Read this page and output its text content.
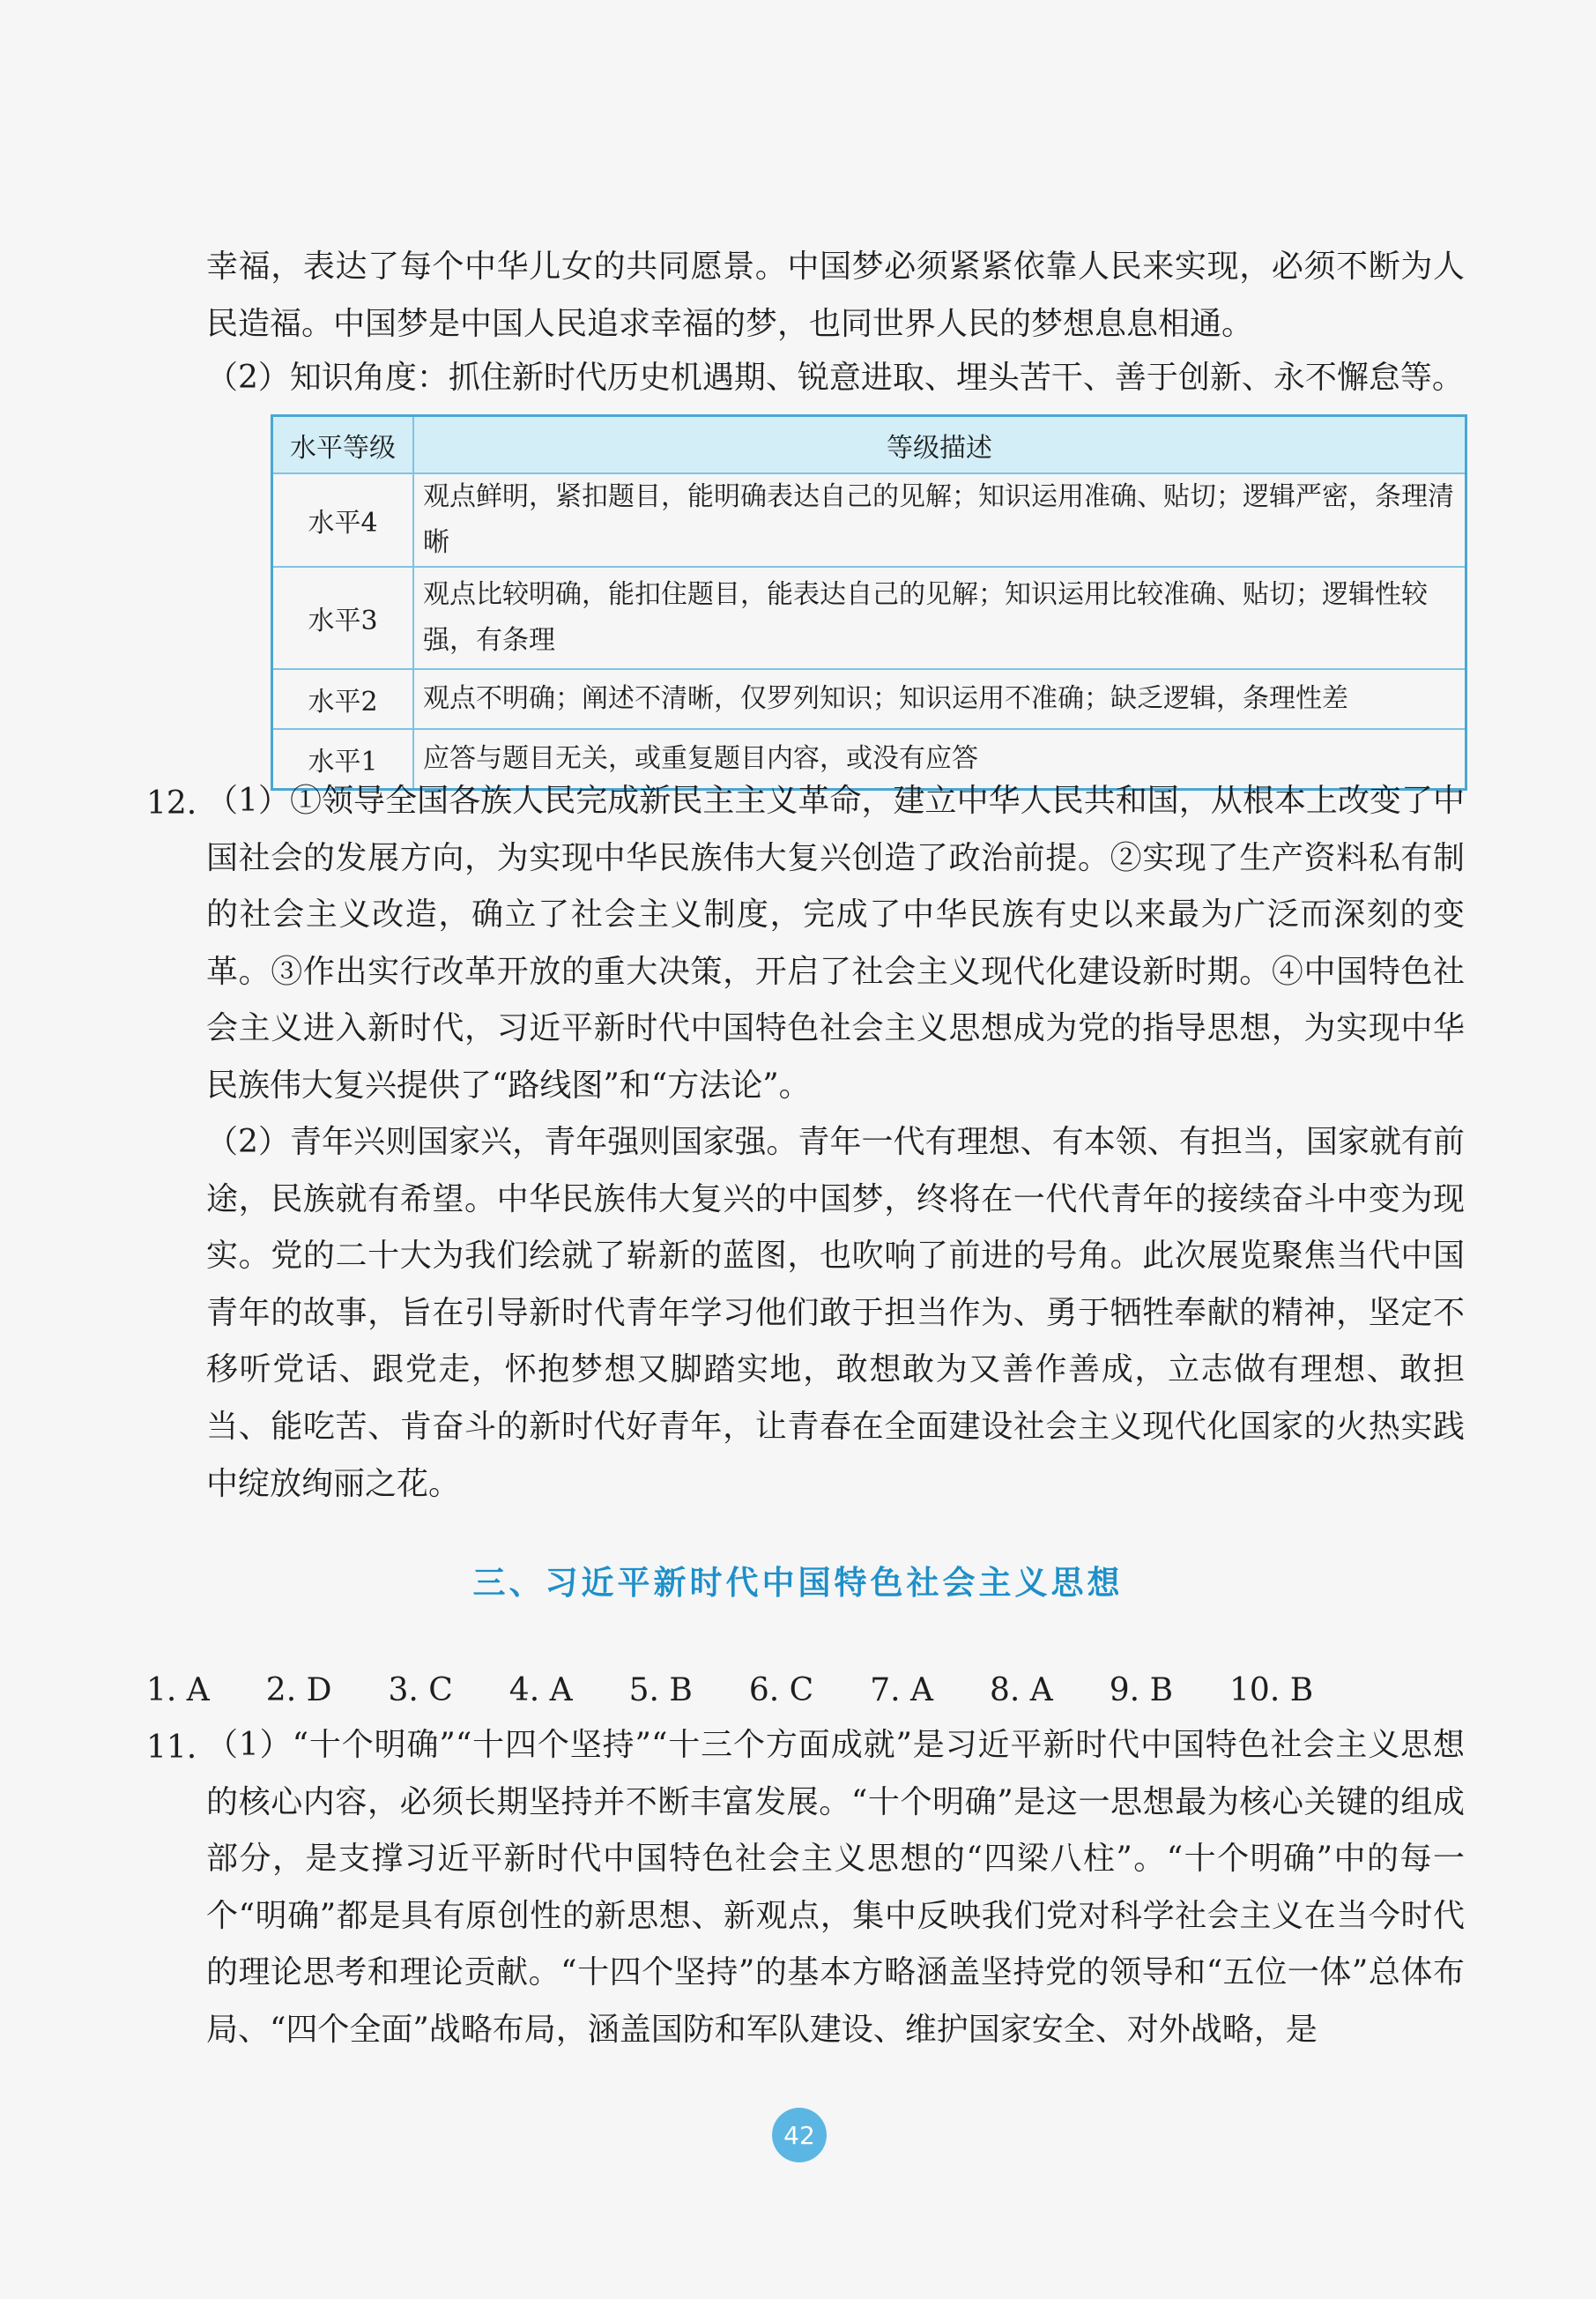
幸福，表达了每个中华儿女的共同愿景。中国梦必须紧紧依靠人民来实现，必须不断为人民造福。中国梦是中国人民追求幸福的梦，也同世界人民的梦想息息相通。

（2）知识角度：抓住新时代历史机遇期、锐意进取、埋头苦干、善于创新、永不懈怠等。

水平等级	等级描述
水平4	观点鲜明，紧扣题目，能明确表达自己的见解；知识运用准确、贴切；逻辑严密，条理清晰
水平3	观点比较明确，能扣住题目，能表达自己的见解；知识运用比较准确、贴切；逻辑性较强，有条理
水平2	观点不明确；阐述不清晰，仅罗列知识；知识运用不准确；缺乏逻辑，条理性差
水平1	应答与题目无关，或重复题目内容，或没有应答
12. （1）①领导全国各族人民完成新民主主义革命，建立中华人民共和国，从根本上改变了中国社会的发展方向，为实现中华民族伟大复兴创造了政治前提。②实现了生产资料私有制的社会主义改造，确立了社会主义制度，完成了中华民族有史以来最为广泛而深刻的变革。③作出实行改革开放的重大决策，开启了社会主义现代化建设新时期。④中国特色社会主义进入新时代，习近平新时代中国特色社会主义思想成为党的指导思想，为实现中华民族伟大复兴提供了“路线图”和“方法论”。

（2）青年兴则国家兴，青年强则国家强。青年一代有理想、有本领、有担当，国家就有前途，民族就有希望。中华民族伟大复兴的中国梦，终将在一代代青年的接续奋斗中变为现实。党的二十大为我们绘就了崭新的蓝图，也吹响了前进的号角。此次展览聚焦当代中国青年的故事，旨在引导新时代青年学习他们敢于担当作为、勇于牺牲奉献的精神，坚定不移听党话、跟党走，怀抱梦想又脚踏实地，敢想敢为又善作善成，立志做有理想、敢担当、能吃苦、肯奋斗的新时代好青年，让青春在全面建设社会主义现代化国家的火热实践中绽放绚丽之花。

三、习近平新时代中国特色社会主义思想
1. A 2. D 3. C 4. A 5. B 6. C 7. A 8. A 9. B 10. B
11. （1）“十个明确”“十四个坚持”“十三个方面成就”是习近平新时代中国特色社会主义思想的核心内容，必须长期坚持并不断丰富发展。“十个明确”是这一思想最为核心关键的组成部分，是支撑习近平新时代中国特色社会主义思想的“四梁八柱”。“十个明确”中的每一个“明确”都是具有原创性的新思想、新观点，集中反映我们党对科学社会主义在当今时代的理论思考和理论贡献。“十四个坚持”的基本方略涵盖坚持党的领导和“五位一体”总体布局、“四个全面”战略布局，涵盖国防和军队建设、维护国家安全、对外战略，是

42
